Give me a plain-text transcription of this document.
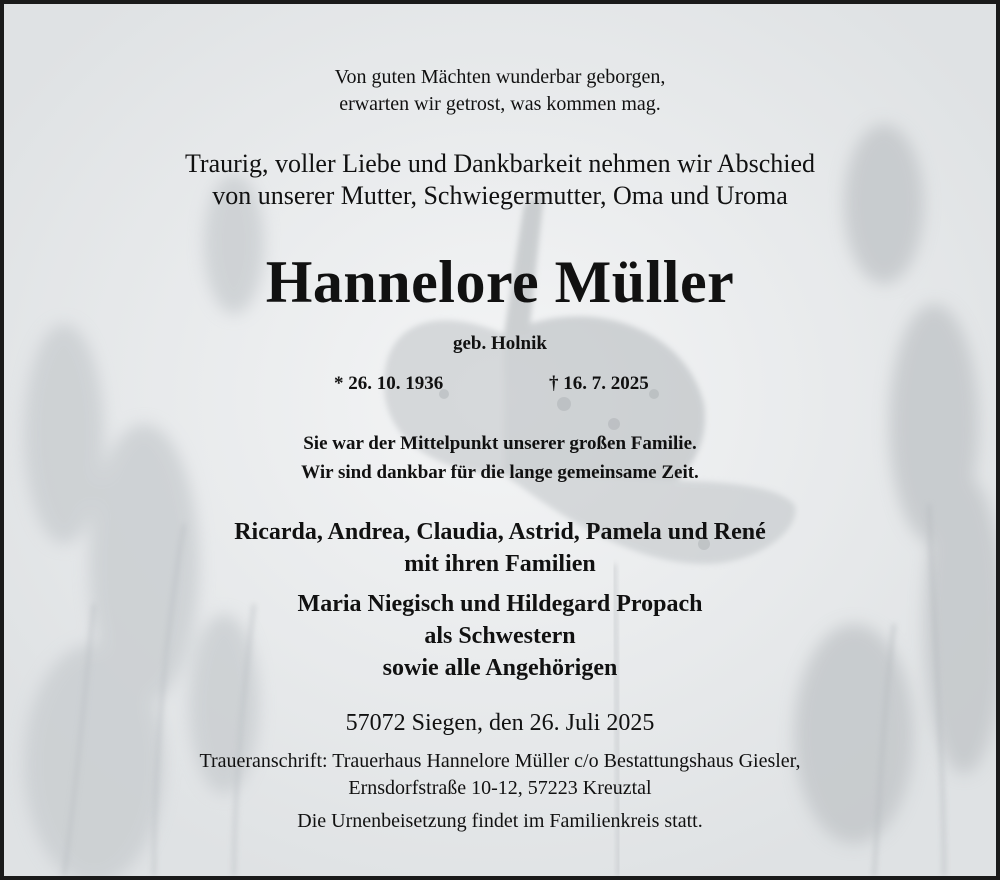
Von guten Mächten wunderbar geborgen,
erwarten wir getrost, was kommen mag.
Traurig, voller Liebe und Dankbarkeit nehmen wir Abschied
von unserer Mutter, Schwiegermutter, Oma und Uroma
Hannelore Müller
geb. Holnik
* 26. 10. 1936	† 16. 7. 2025
Sie war der Mittelpunkt unserer großen Familie.
Wir sind dankbar für die lange gemeinsame Zeit.
Ricarda, Andrea, Claudia, Astrid, Pamela und René
mit ihren Familien
Maria Niegisch und Hildegard Propach
als Schwestern
sowie alle Angehörigen
57072 Siegen, den 26. Juli 2025
Traueranschrift: Trauerhaus Hannelore Müller c/o Bestattungshaus Giesler,
Ernsdorfstraße 10-12, 57223 Kreuztal
Die Urnenbeisetzung findet im Familienkreis statt.
